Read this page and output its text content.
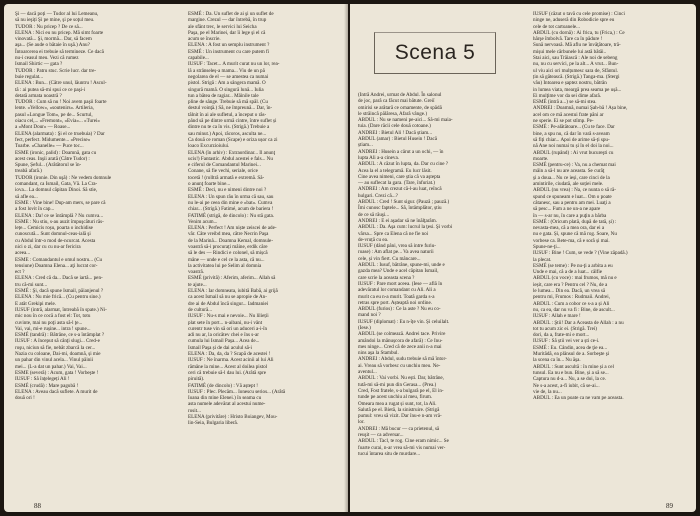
Şi — dacă poți — Tudor al lui Lemeanu,

să nu ieşiți Şi pe mine, şi pe soţul meu.

TUDOR : Nu priceр ? De ce să...

ELENA : Nici eu nu pricep. Mă simt foarte

vinovată... Şi, mormă... Dar, să facem

aşa... (Se aude o bătaie în uşă.) Anu?

Întoarcerea ei trebuie să termineze. Ce dacă

nu-i ceasul meu. Vezi că rumez

Ismail Shirtic — gata ?

TUDOR : Patru stuc. Scrie lucr. dar tre-

buie regulat...

ELENA : Bun... (Către unul, lăuntru ! Ascul-

tă : ai putea să-mi spui ce ce paşi-i

detată armata noastră ?

TUDOR : Cum să nu ! Noi avem paşii foarte

lente. «Yellow», «soutenirs». Artileria,

pasul «Longue Tom», pe de... Scurtul,

oiacu cel,... «Fremont», «Evia»... «Turei»

a «Mont Dour» — Roase...

ELENA (alarmata) : Şi el ce truebuia) ? Dar

fect, perfect. Midumente... «Precise»

Toarbe. «Chanelle» — Puce toc...

ESME (ironic, palid) : Doamnă, gata cu

acest ceas. Inşii arată (Către Tudor) :

Spune, Șeful... (Arătătorul se în-

treabă afară.)

TUDOR (ironie. Din uşă) : Ne vedem domnule

comandant, ca Ismail, Gata, Vă. La Cra-

iova... La domnul căpitan Dinoi. Să stie,

să afle ea...

ESME : Vine bine! Dup-am mers, se pare că

a fost lovit în cap...

ELENA : Da! ce se întâmplă ? Nu cumva...

ESME : Nu stiu, s-au auzit împuşcături răs-

lețe... Cemicis roșu, poarta o inchidise

cunoscută... Sunt domnul-ceas-ială şi

cu Abdul într-o mod de-ncurcat. Acesta

nici o zi, dar cu cu nu-ar fericira

aceea...

ESME : Comandantul e omul nostru... (Cu

tensiune) Doamna Elena... aţi lucrat cor-

ect ?

ELENA : Cred că da... Dacă se iartă... pen-

tru că-mi sunt...

ESMÉ : Şi, dacă spune Ismail, păianjenul ?

ELENA : Nu mie frică... (Cu pentru sine.)

E atât Grekipi mele.

IUSUF (intră, alarmat, întreabă în spate.) Ni-

mic nou în ce cocă a fost el: Tot, totu

cuvinte, mai nu poţi asta să-l ţe...

Vai, vai, mi-e rușine... intra ! spune...

ESMÉ (tandră) : Bătrâne, ce s-a întâmplat ?

IUSUF : A început să cânţi slugi... Cred-e

roşu, niciun să fie, nebăt zbarcă la cer...

Nazia cu coloane, Dai-mi, doamnă, și mie

un pahar din vinul acela... Vinul pâinii

mei... (L-a dat un pahar.) Vai, Vai...

ESME (severă) : Acum, gata ! Vorbeşte !

IUSUF : Să înţelegeți Ali !

ESMÉ (crudă) : Mare pagubă !

ELENA : Aveau dacă suflete. A murit de

două ori !

ESMÉ : Da. Un suflet de ai şi un suflet de

margine. Crezul — dar întrebă, în trup

ale sfânt trec, le servici lui Seicha

Paşa, pe el Marinei, dar îi lege şi el că

acum se înscrie.

ELENA : A fost un semplu instrument ?

ESMÉ : Un instrument cu care putem fi

capabile...

IUSUF : Tacet... A murit curat nu un lor, rea-

lă a strânseleș-a mama... Viu de un pă

negolarea de el — se amestea ca numai

pistol. Strigă : Am a sângera mamă. O

singură mamă. O singură lună... Iulia

tun a bătea de ragiar... Mâinile tale

pline de sânge. Trebuie să mă spăl. (Cu

destul voinţă.) Să, ne împreună... Dar, în-

tâlnit în ai ale sufletul, a început o răs-

pând să pe dintre urmă cintre, între suflet și

dintre nu te ca în vis. (Strigă.) Trebuie a

sau minut.) Apoi, răcoros, asculta ne...

Ca două ce roman (Scape) e oriza ușor ca zi

loaco Excurzioiului.

ELENA (în arhiv) : Extraordinar... Il anunţ

ucis!) Fantastic. Abdul acestei e fals... Nu

e ciferul de Comandantul Marinei...

Conane, să fie vechi, seriale, orice

tocetă ! (rolltră armată e extremă. Să-

o anunţ foarte bine...

ESMÉ : Deci, nu e nimeni dintre noi ?

ELENA : Un spun rău în urma că sau, sau

nu le-ai pe ceea din mine e «bat». Cumva

chiar... (Strigă.) Fatimé, acum de bariera !

FATIMÉ (strigă, de dincolo) : Nu stă gata.

Venim acum...

ELENA : Perfect ! Am niște zeiscei de ade-

văr. Câte vreibd mea, către Necrin Paşa

de la Marinâ... Doamna Kemal, domnule-

voastră să-i procurați mâine, erdik căre

să le des — Rindici e colonel, să mișcă

mâne — unde e cel ce la asta, că nu...

la activitatea lui pe Selim al domnia

voastră.

ESMÉ (privită) : Aferim, aferim... Allah să

te ajute...

ELENA : Iar domneata, iubită Babă, ai grijă

ca acest Ismail să nu se apropie de An-

dre ai de Abdul încă singur... Iadmaniei

de cultură...

IUSUF : Nu-s mai e nevoie... Nu lilieții

plat sete în port... n-aibani, nu-i vânt

curentr tuse vin să ori un aduceri a-i-în

adi nu ar, la oricâtev chei e îns s-ar

cumula lui Ismail Paşa... Acea de...

Ismail Paşa și de dai aculul să-i

ELENA : Da, da, da ? Scapă de acestei !

IUSUF : Ne înarma. Acest acinii al lui Ali

rămâne la mine... Acest al doilea pistol

ceri că trebuie să-l dau lui. (Arătă spre

piruită).

FATIMÉ (de dincolo) : Vă aștept !

IUSUF : Plec. Plecăm... Ionescu serios... (Arătă

Ioana din mine Elenei.) în seama cu

asta numele adevărat al acestui nume-

rosit...

ELENA (privităre) : Hristo Boiangev, Mou-

lin-Seia, Bulgaria liberă.

88
Scena 5

(Intră Andrei, urmat de Abdul. În salonul

de joc, pară ca făcut mai bătute. Greiî

omirisi se arătară ce ornamente, de spădă

le străincă pălăresa, Afară vânge.)

ABDUL : Nu se nameni pe-aici... Să-mi maia-

tuia. (Dare răcii cele două cotoane.)

ANDREI : Bietul Ali ! Dacă știam...

ABDUL (amar) : Bietul Husein ! Dacă

știam...

ANDREI : Husein a cârut a un ochi, — în

lupta Ali a-a cineva.

ABDUL : A căzut în lupta, da. Dar cu cine ?

Acea la el a telegramă. Eu lucr lăsit.

Cine avea nimeni, care știa că va aştepta

— au suflecat la gara. (Tare, înfuriat.)

ANDREI : Am crezut că-l-au luat, reîncă

hulgari. Crezi că...?

ABDUL : Cred ! Sunt sigur. (Pauză ; pauză.)

Îmi cunosc faptele... Să, întâmplător, știu

de ce să răuşi...

ANDREI : E ei aşadar să ne înălţarăm.

ABDUL : Da. Aşa cum: lucrul la ţesi. Şi vorbi

vărsa... Spre ca Elena că ne fie noi

de-vruță cu ea.

IUSUF (dând pâni, vrea să intre furiu-

roase) : Am aflat pe... Va avea naturii

cele, și vin fiert. Cu mâncare...

ABDUL : Iusuf, bătrâne, spune-mi, unde e

gazda mea? Unde e acel căpitan Ismail,

care scrie la aceasta scena ?

IUSUF : Pare mort aceea. (Iese — află în

adevăratul lor comandant cu Ali. Ali a

murit ca eu n-a murit. Toată garda s-a

retras spre port. Așteaptă noi ordine.

ABDUL (furios) : Ce la aste ? Nu eu co-

mand noi ?

IUSUF (diplomat) : Eu n-îțe vin. Și celuilalt.

(Iese.)

ABDUL (se colmează. Andrei tace. Privire

amândoi la mânușcora de afară) : Ce Inu-

mes ninge... Cred că de zece anii n-a mai

nins aşa la Stambul.

ANDREI : Abdul, sudu trebuie să mă întor-

ai. Vreau să vorbesc cu unchiu meu. Ne-

aventul...

ABDUL : Vai vorbi. Nu ești. Dar, bătrâne,

tută-mi să-mi pun din Gerasa... (Prea.)

Cred, Fost fratele, s-a bulgară pe el, El in-

tunde pe acest unchiu al meu, firum.

Omeara mea a rugat și sunt, tot, la Ali.

Salută pe el. Bietă, la sinistruire. (Strigă

pumul: vreu să vizit. Dar înu-e n-am vră-

lor.

ANDREI : Mă bucur — ca prietenul, să

reuşit — ca adversar...

ABDUL : Tacl, te rog. Cine eram nimic... Se

foarte curai, n-ar vrea să-mi vis numai ver-

tucui întarea situ de murdare...

IUSUF (căzut o tavă cu cele promise) : Cinci

ninge ne, aduseră din Robodicie spre eu

cele de tot cartoanele...

ABDUL (cu dornă) : Ai frica, tu (Frica,) : Ce

hârşe îmbolvă. Tare ca în pădure !

Sună nervoasă. Mă aflu ne învăţătoare, tră-

mișui mele cărbunele lui astă bătăi..

Stai aici, sau Trăiască : Ale noi de sebeng

nu, nu cu servici, pe la alt... A vrut... Bun-

ul viu aici ori mulțumesc sara de, Sfântul.

țin să gătească. (Strigă.) Tanga-ma. (Stergi

vău) Intoarea e șaptez nostru, bătrân

in lumea viata, meargă prea seama pe ușă...

Ei mulţime vor da sei dime afară.

ESMÉ (intră a...) se să-mi stea.

ANDREI : Doamnă, numai Şah-bă ! Așa bine,

acel om ce mă acestui frate păni ar

ne sperie. Ei se pot stîmp. Pe-

ESMÉ : Pe-alătătoare... (Cu te face. Dar

bine, a spu nu, că dar în vară s-aveam

să fiți chiar... Apoi de arime să-ți spu-

nă Ane noi numai tu și în el doi la noi...

ABDUL (rupând) : Ai vrut bucureşti cu

moarte.

ESMÉ (pentru-ce) : Va, nu a chemat mai

mâin a să-l nu are aceasta. Se curăţ

şi a doua... Nu ce ieși, care cinci de la

amintirile, ciudată, ale soției mele.

ABDUL (nu vrea) : Na, ce nunta o să ră-

spund ce spuneam e luat... Om o poate

câtanesc, sau a pentru am mei. Luaţi a

să pesc... Fum a ne un-a ne apare

în — s-ar nu, în care a puţin a bărba

ESMÉ : (Oricum plată, după de tată, și) :

nevasta-mea, că a mea ora, dar ei a

nu e gata. Și, spune că mă rog. Soare, Nu

vorbese ca. Bete-ma, că e soră și mai.

Spune-ne-ţi...

IUSUF : Bine ! Cum, se vede ? (Vine zăpadă.)

la plecat.

ESMÉ (se teme) : Pe nu-ţi a arbita a eu

Unde e mai, că a de a luat... câlfie

ABDUL (cu voce) : mai frumos, mă nu e

ieșit, care era ? Pentru cel ? Nu, de a

le lumea... Din ea. Dacă, un vrea să

pentru mi, Frumos : Rudmaii. Andrei,

ABDUL : Cum a cobor ce s-a a și Ali

nu, ca ea, dar nu va fi : Bine, de ascult...

IUSUF : Allah e mare !

ABDUL : Ştii! Dar a Aceasta de Allah : a nu

tot tu acum zic ei. (Strigă. Trei)

dori, da a, frate-mi e mort...

IUSUF : Să știi vei ver a ști ce-i.

ESMÉ : Eu. Cândin, acea de ţie ea...

Muritădă, ea plânsul de a. Sorbeşte şi

la scena ca în... Nu ăşa.

ABDUL : Sunt ascultă : în mine și a cel

tunsul. Ea nu e bun. Bine, și a să se...

Captura nu d-a... Nu, a se doi, la ce.

Ne s-a acest, a-fi iubit, că se-ai...

vie de, la nu...

ABDUL : Ea un poate ca ne vam pe aceasta.

89
